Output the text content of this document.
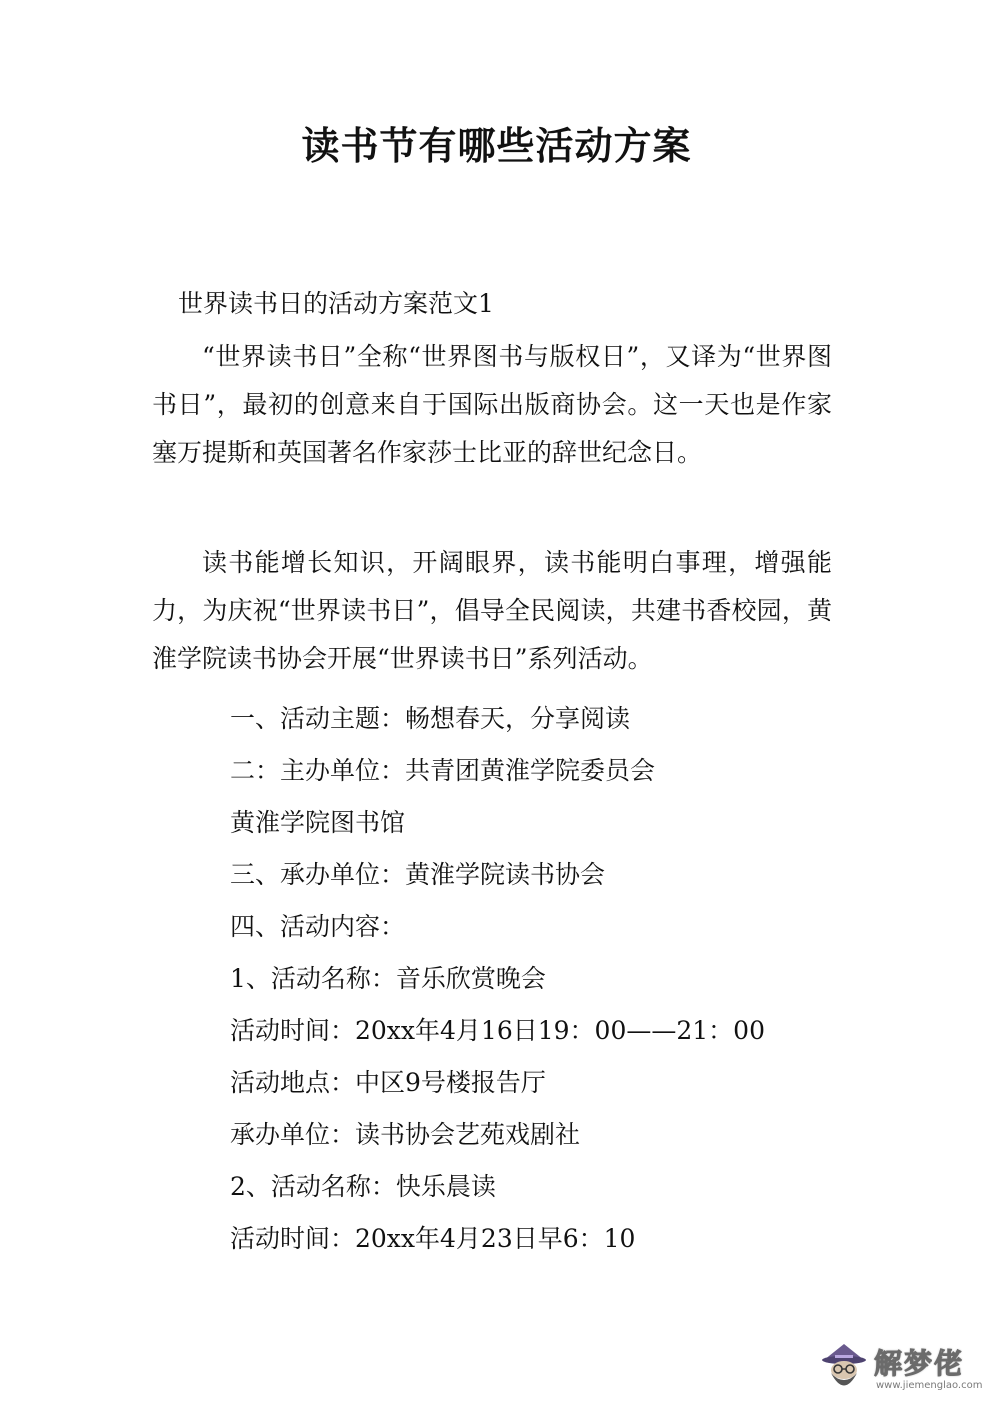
读书节有哪些活动方案
世界读书日的活动方案范文1
“世界读书日”全称“世界图书与版权日”，又译为“世界图书日”，最初的创意来自于国际出版商协会。这一天也是作家塞万提斯和英国著名作家莎士比亚的辞世纪念日。
读书能增长知识，开阔眼界，读书能明白事理，增强能力，为庆祝“世界读书日”，倡导全民阅读，共建书香校园，黄淮学院读书协会开展“世界读书日”系列活动。
一、活动主题：畅想春天，分享阅读
二：主办单位：共青团黄淮学院委员会
黄淮学院图书馆
三、承办单位：黄淮学院读书协会
四、活动内容：
1、活动名称：音乐欣赏晚会
活动时间：20xx年4月16日19：00——21：00
活动地点：中区9号楼报告厅
承办单位：读书协会艺苑戏剧社
2、活动名称：快乐晨读
活动时间：20xx年4月23日早6：10
解梦佬
www.jiemenglao.com
